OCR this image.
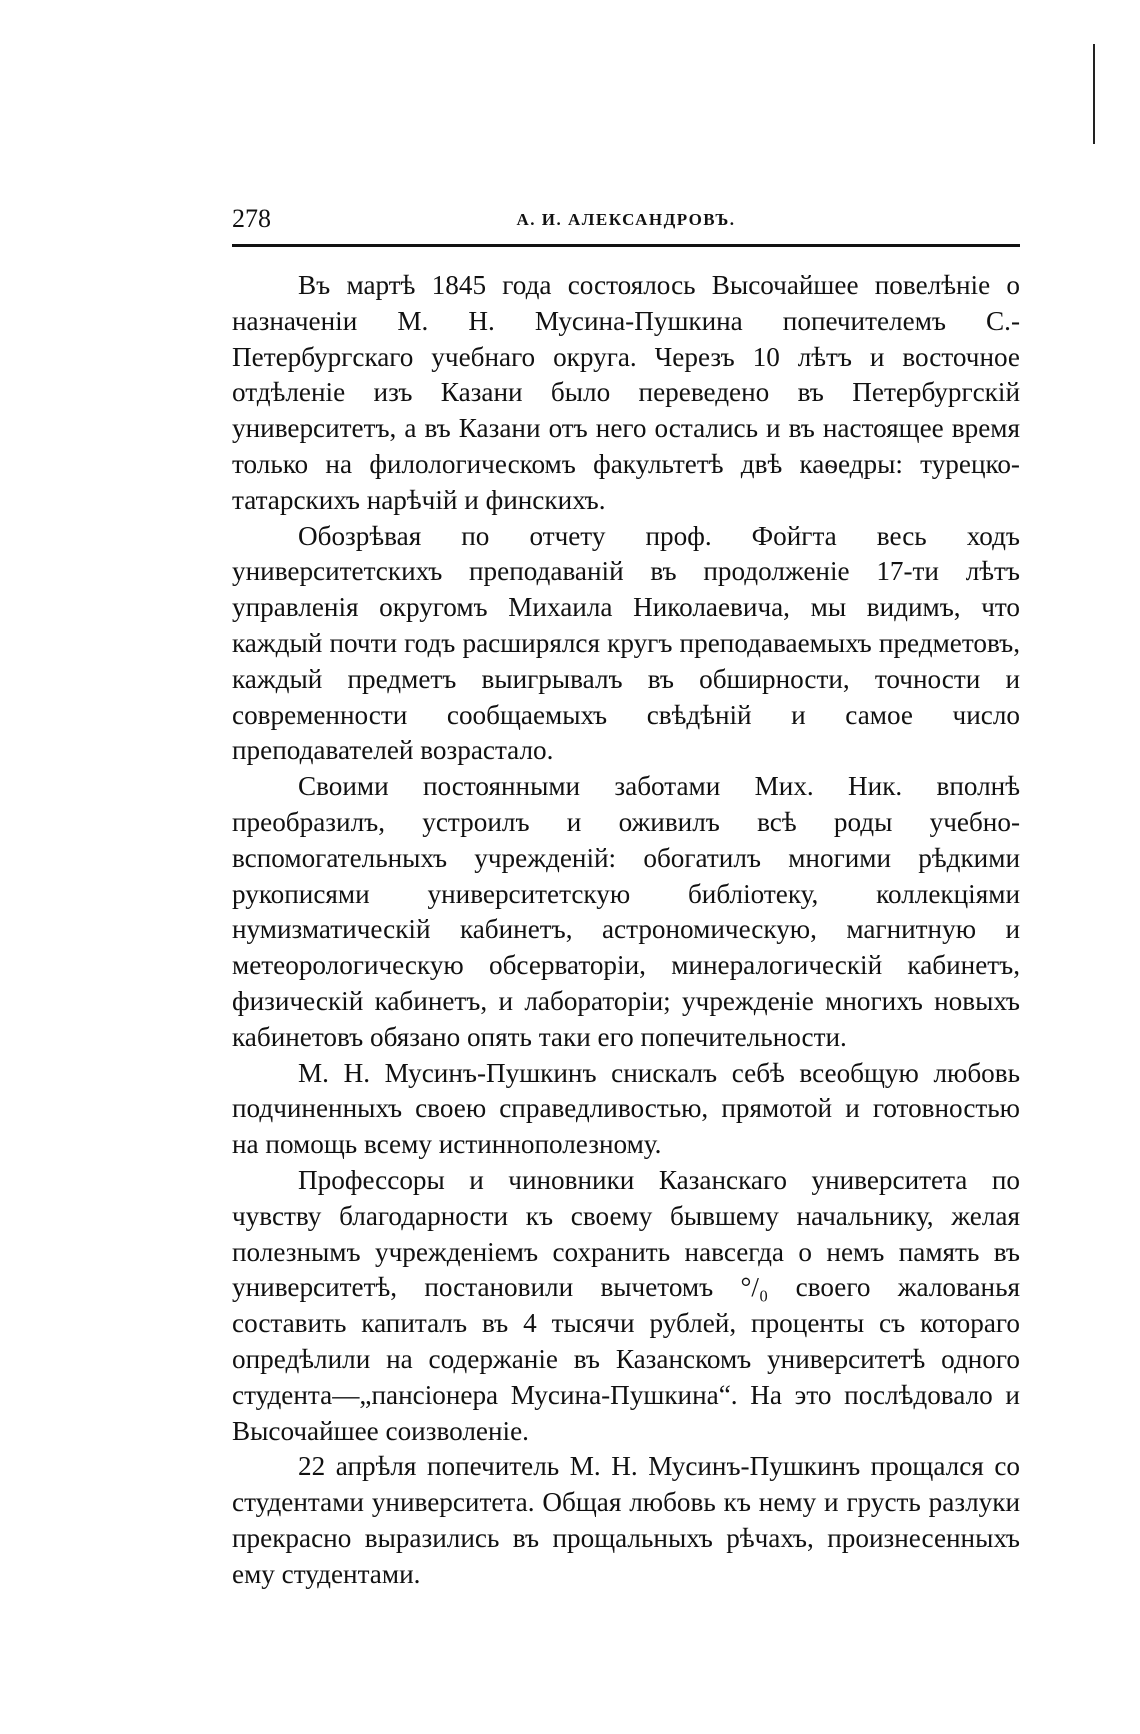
278	А. И. АЛЕКСАНДРОВЪ.

Въ мартѣ 1845 года состоялось Высочайшее повелѣніе о назначеніи М. Н. Мусина-Пушкина попечителемъ С.-Петербургскаго учебнаго округа. Черезъ 10 лѣтъ и восточное отдѣленіе изъ Казани было переведено въ Петербургскій университетъ, а въ Казани отъ него остались и въ настоящее время только на филологическомъ факультетѣ двѣ каѳедры: турецко-татарскихъ нарѣчій и финскихъ.

Обозрѣвая по отчету проф. Фойгта весь ходъ университетскихъ преподаваній въ продолженіе 17-ти лѣтъ управленія округомъ Михаила Николаевича, мы видимъ, что каждый почти годъ расширялся кругъ преподаваемыхъ предметовъ, каждый предметъ выигрывалъ въ обширности, точности и современности сообщаемыхъ свѣдѣній и самое число преподавателей возрастало.

Своими постоянными заботами Мих. Ник. вполнѣ преобразилъ, устроилъ и оживилъ всѣ роды учебно-вспомогательныхъ учрежденій: обогатилъ многими рѣдкими рукописями университетскую библіотеку, коллекціями нумизматическій кабинетъ, астрономическую, магнитную и метеорологическую обсерваторіи, минералогическій кабинетъ, физическій кабинетъ, и лабораторіи; учрежденіе многихъ новыхъ кабинетовъ обязано опять таки его попечительности.

М. Н. Мусинъ-Пушкинъ снискалъ себѣ всеобщую любовь подчиненныхъ своею справедливостью, прямотой и готовностью на помощь всему истиннополезному.

Профессоры и чиновники Казанскаго университета по чувству благодарности къ своему бывшему начальнику, желая полезнымъ учрежденіемъ сохранить навсегда о немъ память въ университетѣ, постановили вычетомъ °/₀ своего жалованья составить капиталъ въ 4 тысячи рублей, проценты съ котораго опредѣлили на содержаніе въ Казанскомъ университетѣ одного студента—„пансіонера Мусина-Пушкина“. На это послѣдовало и Высочайшее соизволеніе.

22 апрѣля попечитель М. Н. Мусинъ-Пушкинъ прощался со студентами университета. Общая любовь къ нему и грусть разлуки прекрасно выразились въ прощальныхъ рѣчахъ, произнесенныхъ ему студентами.
